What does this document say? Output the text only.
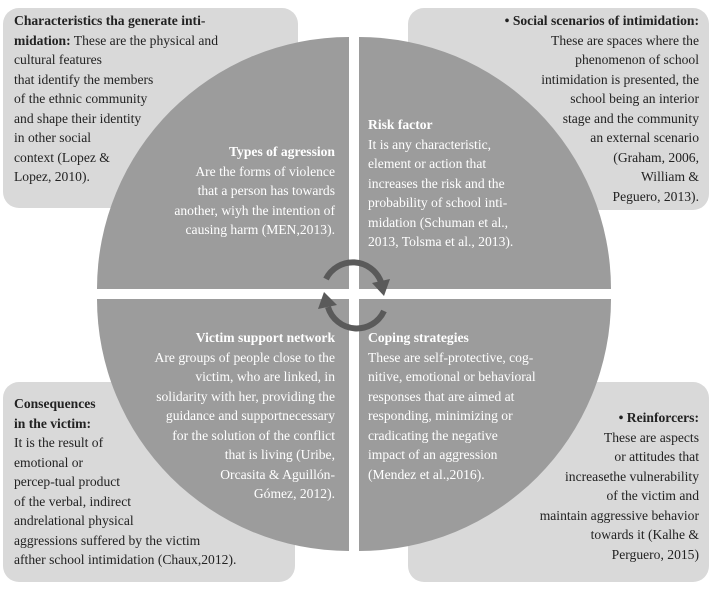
Characteristics tha generate inti-
midation: These are the physical and
cultural features
that identify the members
of the ethnic community
and shape their identity
in other social
context (Lopez &
Lopez, 2010).

• Social scenarios of intimidation:
These are spaces where the
phenomenon of school
intimidation is presented, the
school being an interior
stage and the community
an external scenario
(Graham, 2006,
William &
Peguero, 2013).

Consequences
in the victim:
It is the result of
emotional or
percep-tual product
of the verbal, indirect
andrelational physical
aggressions suffered by the victim
afther school intimidation (Chaux,2012).

• Reinforcers:
These are aspects
or attitudes that
increasethe vulnerability
of the victim and
maintain aggressive behavior
towards it (Kalhe &
Perguero, 2015)

Types of agression
Are the forms of violence
that a person has towards
another, wiyh the intention of
causing harm (MEN,2013).

Risk factor
It is any characteristic,
element or action that
increases the risk and the
probability of school inti-
midation (Schuman et al.,
2013, Tolsma et al., 2013).

Victim support network
Are groups of people close to the
victim, who are linked, in
solidarity with her, providing the
guidance and supportnecessary
for the solution of the conflict
that is living (Uribe,
Orcasita & Aguillón-
Gómez, 2012).

Coping strategies
These are self-protective, cog-
nitive, emotional or behavioral
responses that are aimed at
responding, minimizing or
cradicating the negative
impact of an aggression
(Mendez et al.,2016).
